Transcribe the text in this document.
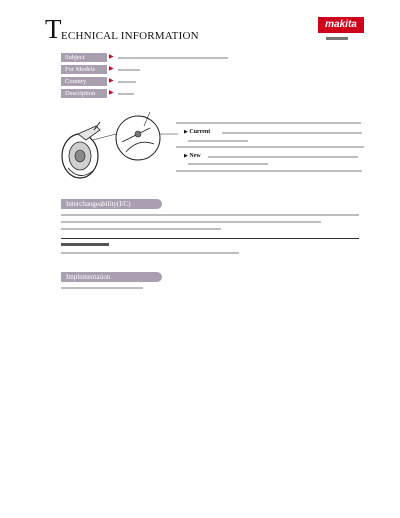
T ECHNICAL INFORMATION
makita
Subject	▶
For Models	▶
Country	▶
Description	▶
▶ Current
▶ New
Interchangeability(I/C)
Implementation
